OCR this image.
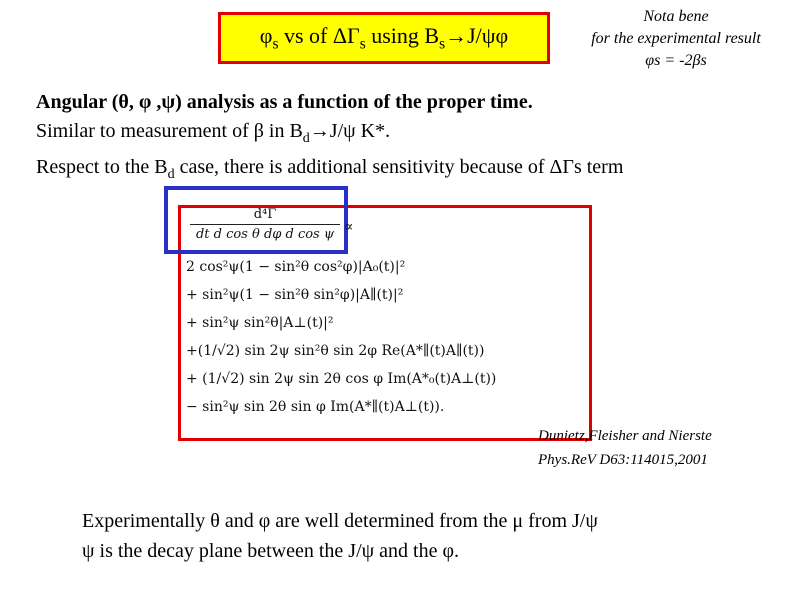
$\varphi_s$ vs of $\Delta\Gamma_s$ using $B_s\to J/\psi\varphi$
Nota bene
for the experimental result
φs = -2βs
Angular (θ, φ ,ψ) analysis as a function of the proper time.
Similar to measurement of β in $B_d\to J/\psi$ K*.
Respect to the $B_d$ case, there is additional sensitivity because of ΔΓs term
$\frac{\text{d⁴Γ}}{\text{dt d cos θ dφ d cos ψ}}$ ∝
2 cos²ψ(1 − sin²θ cos²φ)|A₀(t)|²
+ sin²ψ(1 − sin²θ sin²φ)|A∥(t)|²
+ sin²ψ sin²θ|A⊥(t)|²
+(1/√2) sin 2ψ sin²θ sin 2φ Re(A*∥(t)A∥(t))
+ (1/√2) sin 2ψ sin 2θ cos φ Im(A*₀(t)A⊥(t))
− sin²ψ sin 2θ sin φ Im(A*∥(t)A⊥(t)).
Dunietz,Fleisher and Nierste
Phys.ReV D63:114015,2001
Experimentally θ and φ are well determined from the μ from J/ψ
ψ is the decay plane between the J/ψ and the φ.
